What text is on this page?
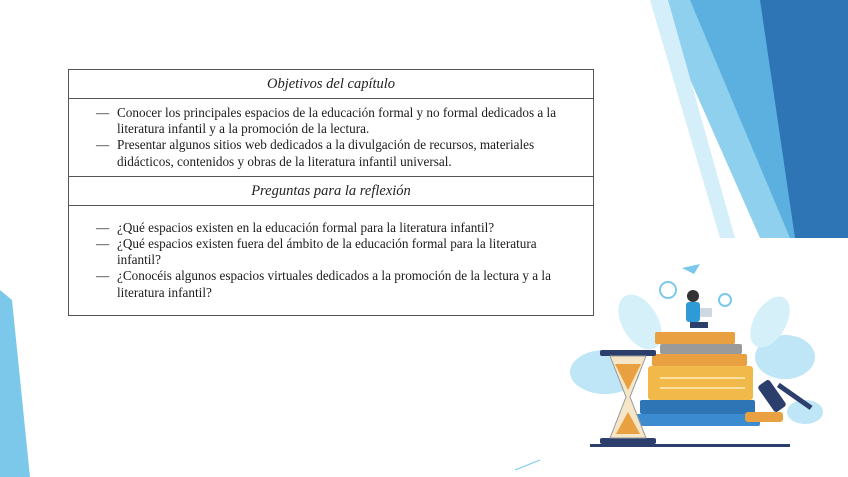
Objetivos del capítulo
— Conocer los principales espacios de la educación formal y no formal dedicados a la literatura infantil y a la promoción de la lectura.
— Presentar algunos sitios web dedicados a la divulgación de recursos, materiales didácticos, contenidos y obras de la literatura infantil universal.
Preguntas para la reflexión
— ¿Qué espacios existen en la educación formal para la literatura infantil?
— ¿Qué espacios existen fuera del ámbito de la educación formal para la literatura infantil?
— ¿Conocéis algunos espacios virtuales dedicados a la promoción de la lectura y a la literatura infantil?
